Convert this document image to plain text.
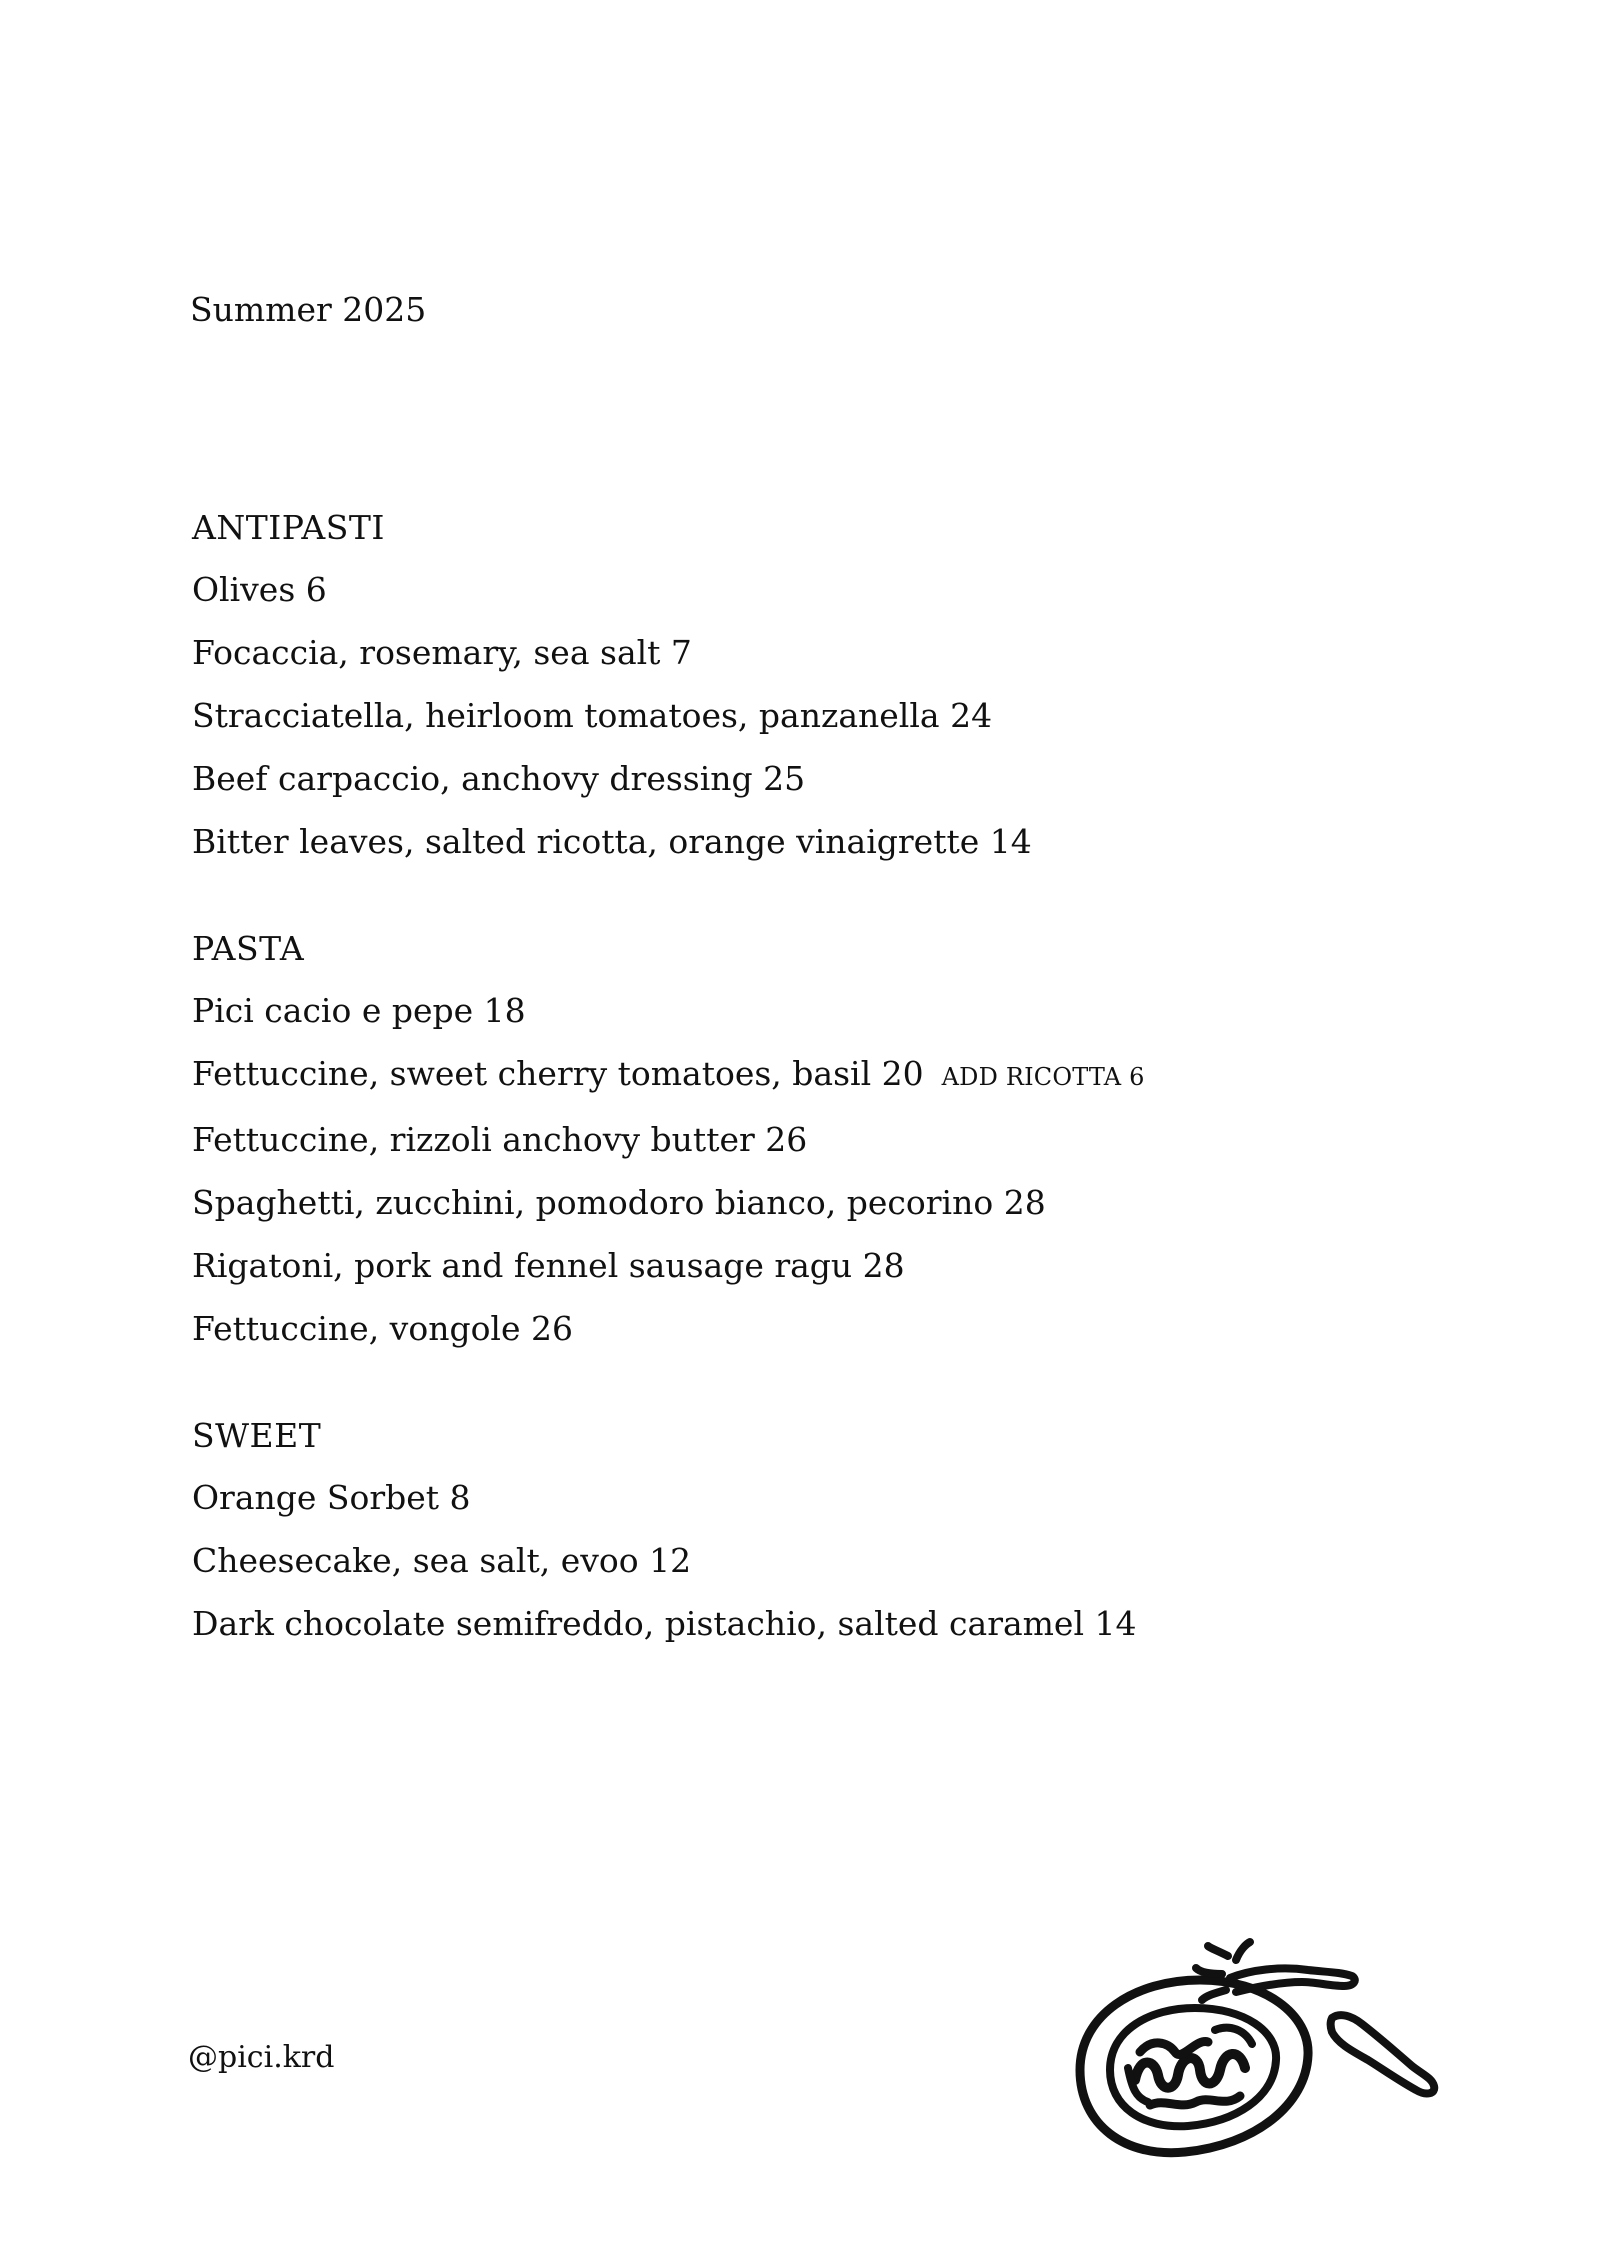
Summer 2025

ANTIPASTI
Olives 6
Focaccia, rosemary, sea salt 7
Stracciatella, heirloom tomatoes, panzanella 24
Beef carpaccio, anchovy dressing 25
Bitter leaves, salted ricotta, orange vinaigrette 14
PASTA
Pici cacio e pepe 18
Fettuccine, sweet cherry tomatoes, basil 20 ADD RICOTTA 6
Fettuccine, rizzoli anchovy butter 26
Spaghetti, zucchini, pomodoro bianco, pecorino 28
Rigatoni, pork and fennel sausage ragu 28
Fettuccine, vongole 26
SWEET
Orange Sorbet 8
Cheesecake, sea salt, evoo 12
Dark chocolate semifreddo, pistachio, salted caramel 14

@pici.krd
